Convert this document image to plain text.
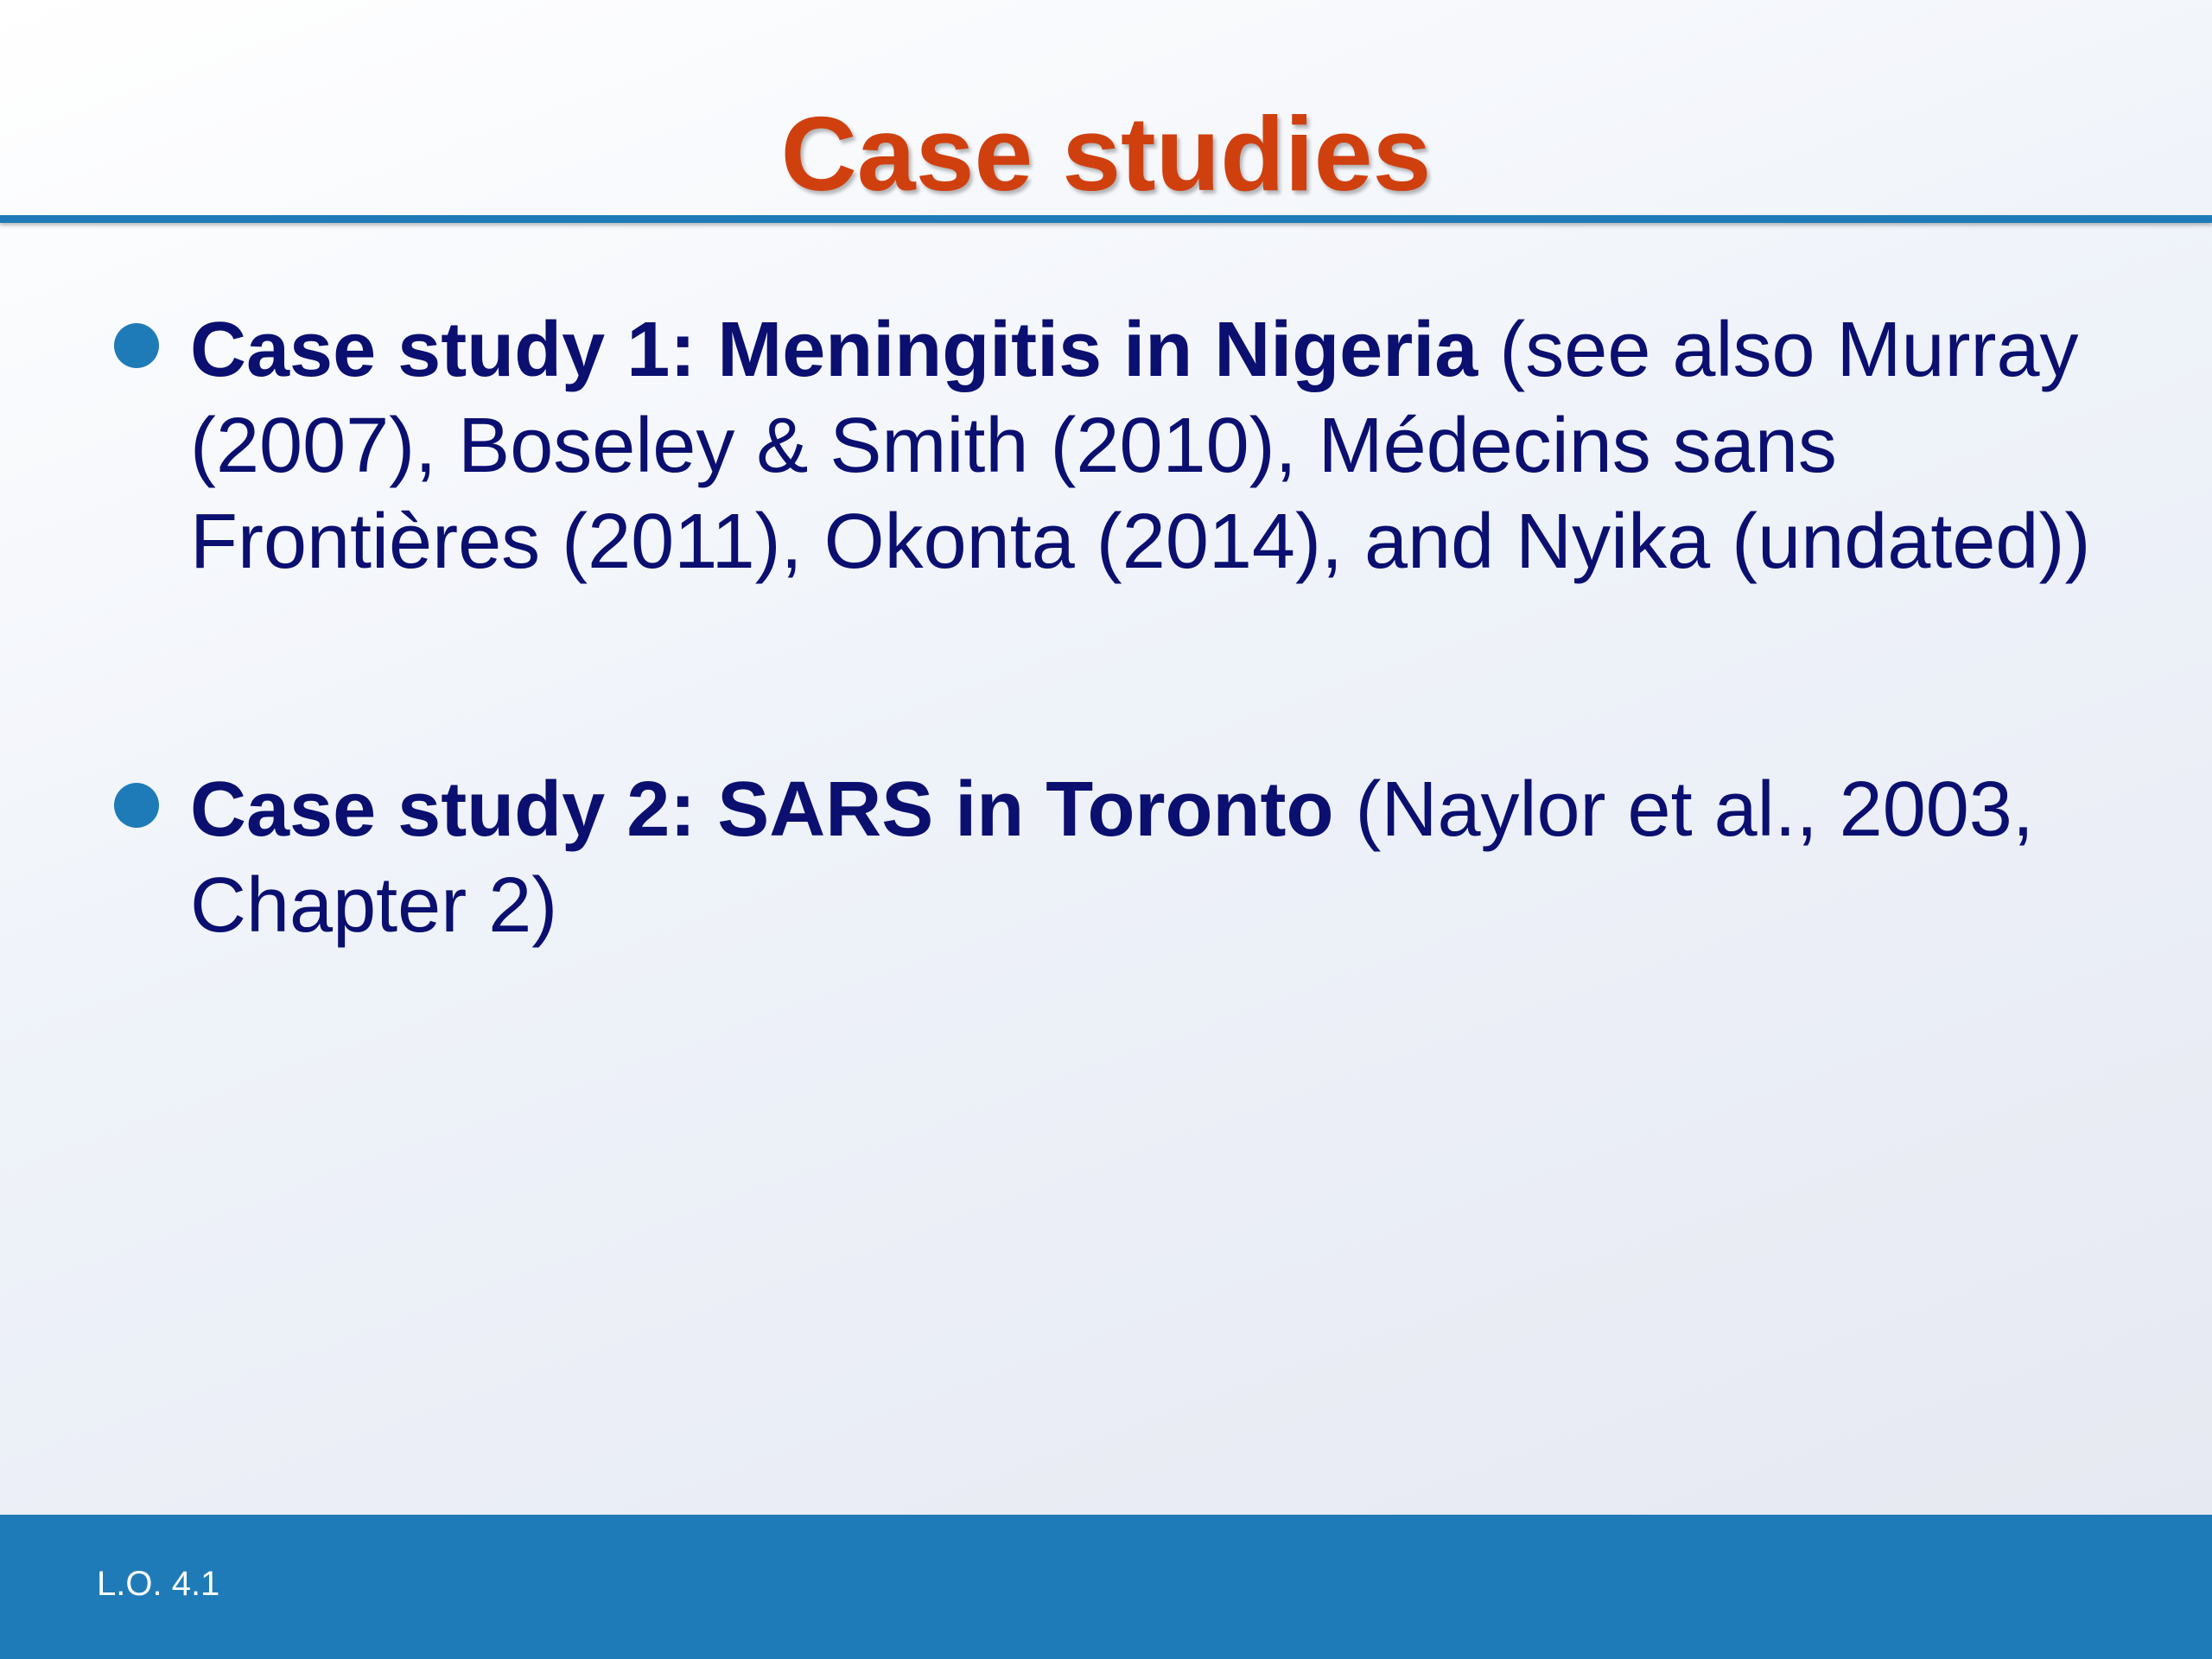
Case studies
Case study 1: Meningitis in Nigeria (see also Murray (2007), Boseley & Smith (2010), Médecins sans Frontières (2011), Okonta (2014), and Nyika (undated))
Case study 2: SARS in Toronto (Naylor et al., 2003, Chapter 2)
L.O. 4.1
